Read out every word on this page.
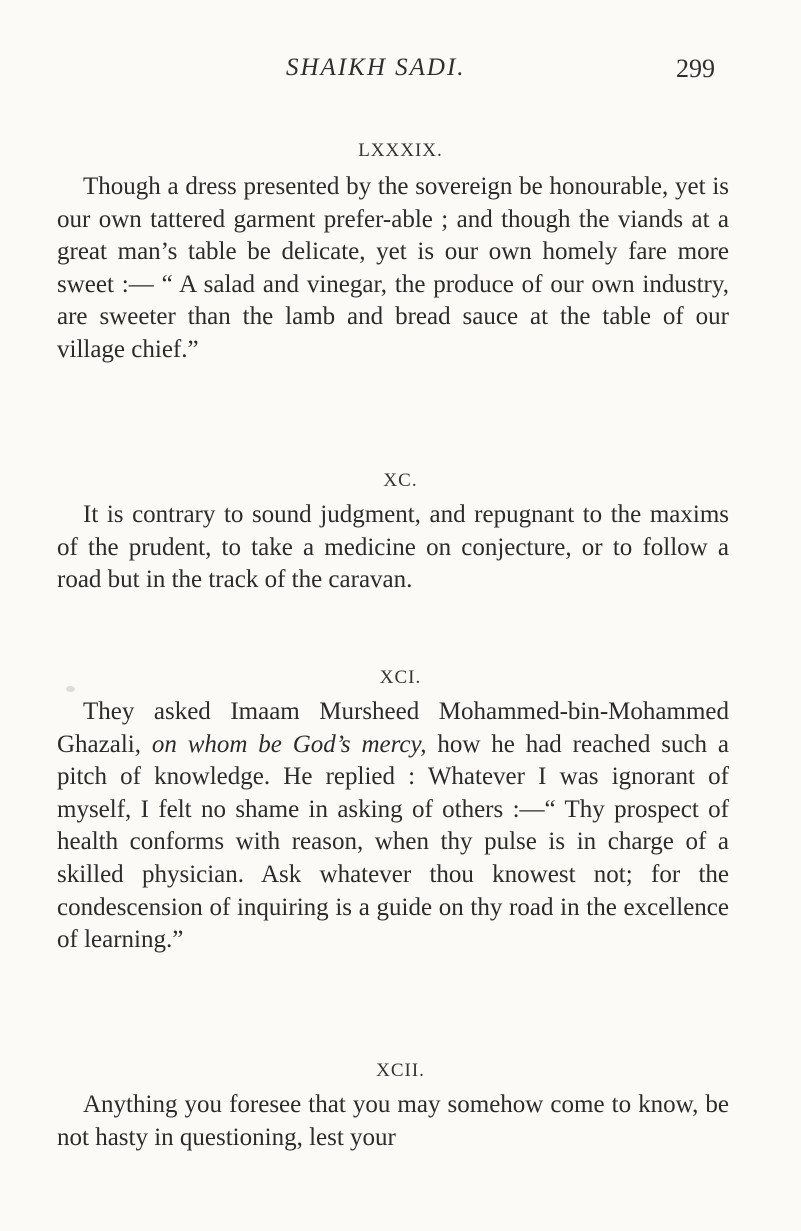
SHAIKH SADI.	299
LXXXIX.

Though a dress presented by the sovereign be honourable, yet is our own tattered garment prefer-able ; and though the viands at a great man’s table be delicate, yet is our own homely fare more sweet :— “ A salad and vinegar, the produce of our own industry, are sweeter than the lamb and bread sauce at the table of our village chief.”

XC.

It is contrary to sound judgment, and repugnant to the maxims of the prudent, to take a medicine on conjecture, or to follow a road but in the track of the caravan.

XCI.

They asked Imaam Mursheed Mohammed-bin-Mohammed Ghazali, on whom be God’s mercy, how he had reached such a pitch of knowledge. He replied : Whatever I was ignorant of myself, I felt no shame in asking of others :—“ Thy prospect of health conforms with reason, when thy pulse is in charge of a skilled physician. Ask whatever thou knowest not; for the condescension of inquiring is a guide on thy road in the excellence of learning.”

XCII.

Anything you foresee that you may somehow come to know, be not hasty in questioning, lest your
